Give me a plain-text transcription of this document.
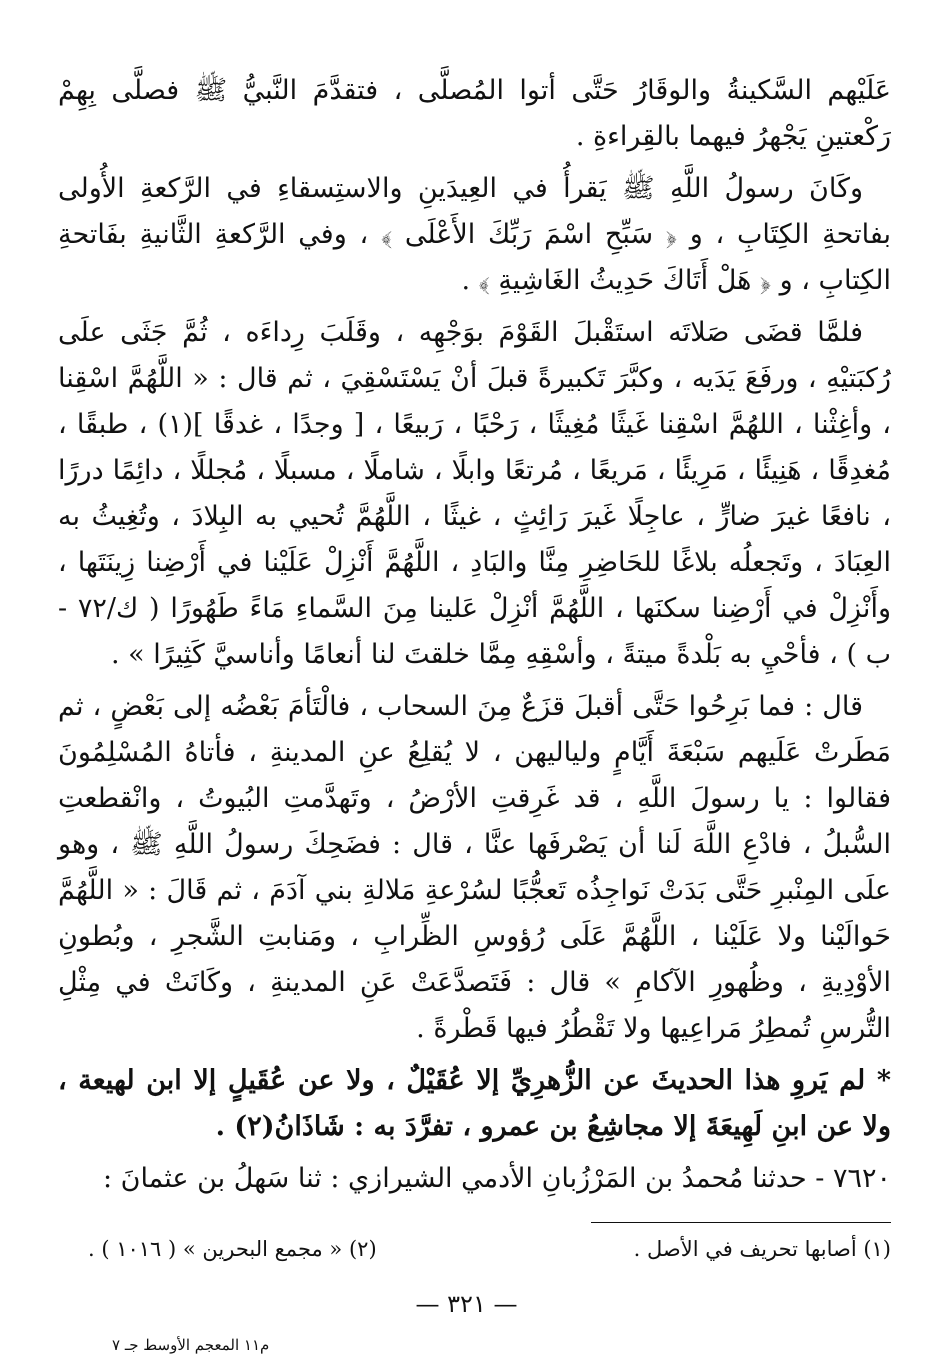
عَلَيْهم السَّكينةُ والوقَارُ حَتَّى أتوا المُصلَّى ، فتقدَّمَ النَّبيُّ ﷺ فصلَّى بِهِمْ رَكْعتينِ يَجْهرُ فيهما بالقِراءةِ .

وكَانَ رسولُ اللَّهِ ﷺ يَقرأُ في العِيدَينِ والاستِسقاءِ في الرَّكعةِ الأُولى بفاتحةِ الكِتَابِ ، و ﴿ سَبِّحِ اسْمَ رَبِّكَ الأَعْلَى ﴾ ، وفي الرَّكعةِ الثَّانيةِ بفَاتحةِ الكِتابِ ، و ﴿ هَلْ أَتَاكَ حَدِيثُ الغَاشِيةِ ﴾ .

فلمَّا قضَى صَلاتَه استَقْبلَ القَوْمَ بوَجْهِه ، وقَلَبَ رِداءَه ، ثُمَّ جَثَى علَى رُكبَتيْهِ ، ورفَعَ يَدَيه ، وكبَّرَ تَكبيرةً قبلَ أنْ يَسْتَسْقِيَ ، ثم قال : « اللَّهُمَّ اسْقِنا ، وأغِثْنا ، اللهُمَّ اسْقِنا غَيثًا مُغِيثًا ، رَحْبًا ، رَبيعًا ، [ وجدًا ، غدقًا ](١) ، طبقًا ، مُغدِقًا ، هَنِيئًا ، مَرِيئًا ، مَريعًا ، مُرتعًا وابلًا ، شاملًا ، مسبلًا ، مُجللًا ، دائِمًا دررًا ، نافعًا غيرَ ضارٍّ ، عاجِلًا غَيرَ رَائِثٍ ، غيثًا ، اللَّهُمَّ تُحيي به البِلادَ ، وتُغِيثُ به العِبَادَ ، وتَجعلُه بلاغًا للحَاضِرِ مِنَّا والبَادِ ، اللَّهُمَّ أَنْزِلْ عَلَيْنا في أَرْضِنا زِينَتَها ، وأَنْزِلْ في أَرْضِنا سكنَها ، اللَّهُمَّ أنْزِلْ عَلينا مِنَ السَّماءِ مَاءً طَهُورًا ( ك/٧٢ - ب ) ، فأحْيِ به بَلْدةً ميتةً ، وأسْقِهِ مِمَّا خلقتَ لنا أنعامًا وأناسيَّ كَثِيرًا » .

قال : فما بَرِحُوا حَتَّى أقبلَ قزَعٌ مِنَ السحاب ، فالْتَأمَ بَعْضُه إلى بَعْضٍ ، ثم مَطَرتْ عَلَيهم سَبْعَةَ أَيَّامٍ ولياليهن ، لا يُقلِعُ عنِ المدينةِ ، فأتاهُ المُسْلِمُونَ فقالوا : يا رسولَ اللَّهِ ، قد غَرِقتِ الأرْضُ ، وتَهدَّمتِ البُيوتُ ، وانْقطعتِ السُّبلُ ، فادْعِ اللَّهَ لَنا أن يَصْرفَها عنَّا ، قال : فضَحِكَ رسولُ اللَّهِ ﷺ ، وهو علَى المِنْبرِ حَتَّى بَدَتْ نَواجِذُه تَعجُّبًا لسُرْعةِ مَلالةِ بني آدَمَ ، ثم قَالَ : « اللَّهُمَّ حَوالَيْنا ولا عَلَيْنا ، اللَّهُمَّ عَلَى رُؤوسِ الظِّرابِ ، ومَنابتِ الشَّجرِ ، وبُطونِ الأوْدِيةِ ، وظُهورِ الآكامِ » قال : فَتَصدَّعَتْ عَنِ المدينةِ ، وكَانَتْ في مِثْلِ التُّرسِ تُمطِرُ مَراعِيها ولا تَقْطُرُ فيها قَطْرةً .

* لم يَروِ هذا الحديثَ عن الزُّهرِيِّ إلا عُقَيْلٌ ، ولا عن عُقَيلٍ إلا ابن لهيعة ، ولا عن ابنِ لَهِيعَةَ إلا مجاشِعُ بن عمرو ، تفرَّدَ به : شَاذَانُ(٢) .

٧٦٢٠ - حدثنا مُحمدُ بن المَرْزُبانِ الأدمي الشيرازي : ثنا سَهلُ بن عثمانَ :

(١) أصابها تحريف في الأصل .
(٢) « مجمع البحرين » ( ١٠١٦ ) .
— ٣٢١ —
م١١ المعجم الأوسط جـ ٧
